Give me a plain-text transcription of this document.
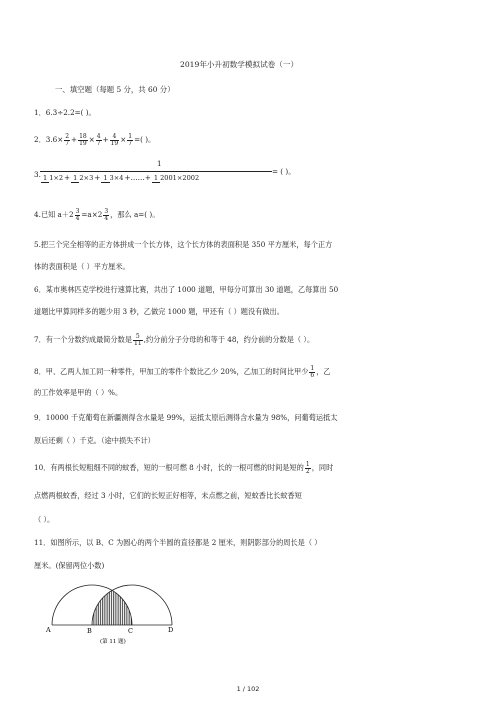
2019年小升初数学模拟试卷（一）
一、填空题（每题 5 分，共 60 分）
1．6.3÷2.2=( )。
2．$3.6\times \frac{2}{7} + \frac{18}{19} \times \frac{4}{7} + \frac{4}{19} \times \frac{1}{7}$ =( )。
3.
1
1 1×2+ 1 2×3+ 1 3×4+……+ 1 2001×2002
= ( )。
4.已知 $a+2 \frac{3}{4} =a\times 2 \frac{3}{4}$ ，那么 a=( )。
5.把三个完全相等的正方体拼成一个长方体，这个长方体的表面积是 350 平方厘米，每个正方
体的表面积是（ ）平方厘米。
6．某市奥林匹克学校进行速算比赛，共出了 1000 道题，甲每分可算出 30 道题，乙每算出 50
道题比甲算同样多的题少用 3 秒，乙做完 1000 题，甲还有（ ）题没有做出。
7．有一个分数约成最简分数是 $\frac{5}{11}$ ,约分前分子分母的和等于 48，约分前的分数是（ ）。
8．甲、乙两人加工同一种零件，甲加工的零件个数比乙少 20%，乙加工的时间比甲少 $\frac{1}{6}$ ，乙
的工作效率是甲的（ ）%。
9．10000 千克葡萄在新疆测得含水量是 99%，运抵太原后测得含水量为 98%，问葡萄运抵太
原后还剩（ ）千克。（途中损失不计）
10．有两根长短粗细不同的蚊香，短的一根可燃 8 小时，长的一根可燃的时间是短的 $\frac{1}{2}$ ，同时
点燃两根蚊香，经过 3 小时，它们的长短正好相等，未点燃之前，短蚊香比长蚊香短
（ ）。
11．如图所示，以 B、C 为圆心的两个半圆的直径都是 2 厘米，则阴影部分的周长是（ ）
厘米。(保留两位小数)
A	B	C	D
(第 11 题)
1 / 102
